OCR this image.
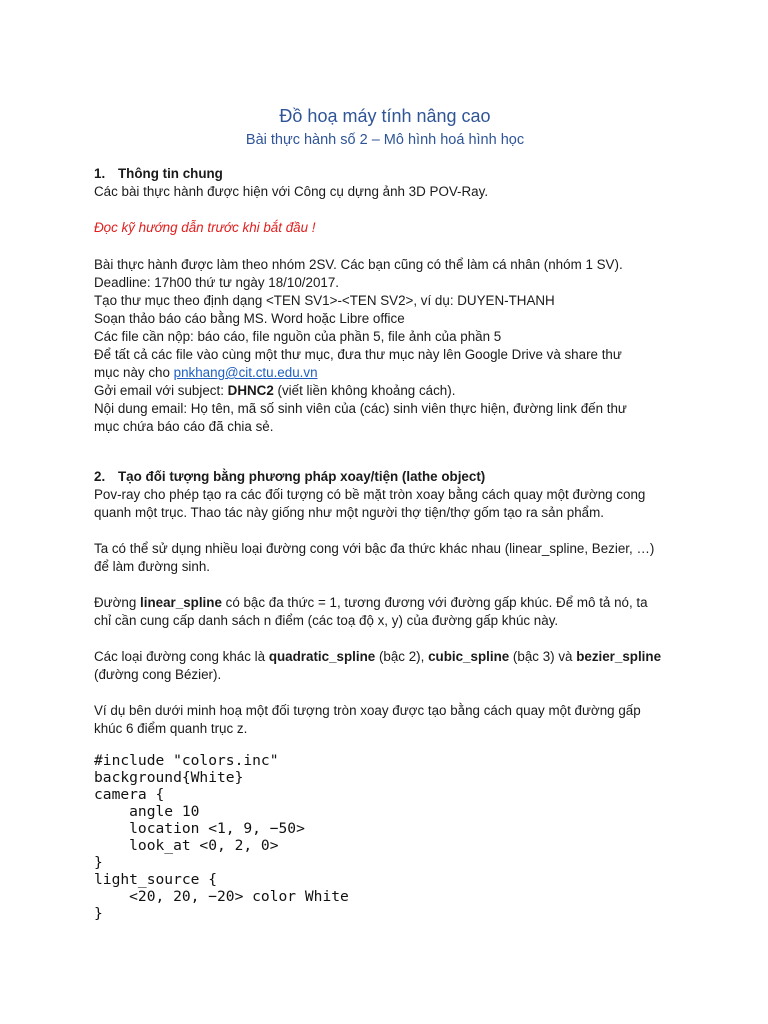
Đồ hoạ máy tính nâng cao
Bài thực hành số 2 – Mô hình hoá hình học
1. Thông tin chung
Các bài thực hành được hiện với Công cụ dựng ảnh 3D POV-Ray.
Đọc kỹ hướng dẫn trước khi bắt đầu !
Bài thực hành được làm theo nhóm 2SV. Các bạn cũng có thể làm cá nhân (nhóm 1 SV).
Deadline: 17h00 thứ tư ngày 18/10/2017.
Tạo thư mục theo định dạng <TEN SV1>-<TEN SV2>, ví dụ: DUYEN-THANH
Soạn thảo báo cáo bằng MS. Word hoặc Libre office
Các file cần nộp: báo cáo, file nguồn của phần 5, file ảnh của phần 5
Để tất cả các file vào cùng một thư mục, đưa thư mục này lên Google Drive và share thư
mục này cho pnkhang@cit.ctu.edu.vn
Gởi email với subject: DHNC2 (viết liền không khoảng cách).
Nội dung email: Họ tên, mã số sinh viên của (các) sinh viên thực hiện, đường link đến thư
mục chứa báo cáo đã chia sẻ.
2. Tạo đối tượng bằng phương pháp xoay/tiện (lathe object)
Pov-ray cho phép tạo ra các đối tượng có bề mặt tròn xoay bằng cách quay một đường cong
quanh một trục. Thao tác này giống như một người thợ tiện/thợ gốm tạo ra sản phẩm.
Ta có thể sử dụng nhiều loại đường cong với bậc đa thức khác nhau (linear_spline, Bezier, …)
để làm đường sinh.
Đường linear_spline có bậc đa thức = 1, tương đương với đường gấp khúc. Để mô tả nó, ta
chỉ cần cung cấp danh sách n điểm (các toạ độ x, y) của đường gấp khúc này.
Các loại đường cong khác là quadratic_spline (bậc 2), cubic_spline (bậc 3) và bezier_spline
(đường cong Bézier).
Ví dụ bên dưới minh hoạ một đối tượng tròn xoay được tạo bằng cách quay một đường gấp
khúc 6 điểm quanh trục z.
#include "colors.inc"
background{White}
camera {
angle 10
location <1, 9, −50>
look_at <0, 2, 0>
}
light_source {
<20, 20, −20> color White
}
